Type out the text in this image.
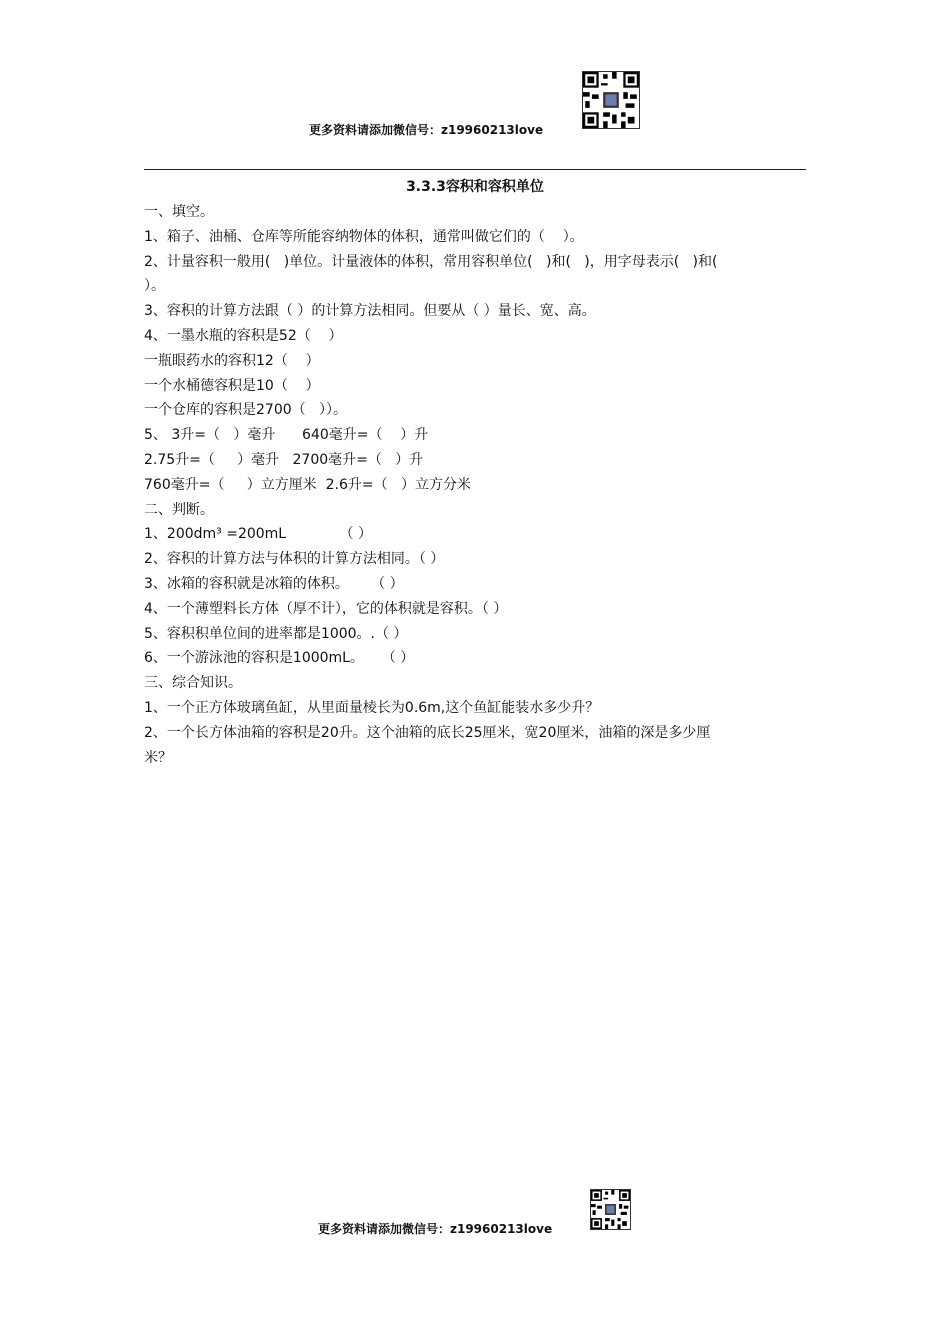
更多资料请添加微信号：z19960213love
3.3.3容积和容积单位
一、填空。
1、箱子、油桶、仓库等所能容纳物体的体积，通常叫做它们的（    ）。
2、计量容积一般用(   )单位。计量液体的体积，常用容积单位(   )和(   )，用字母表示(   )和(
）。
3、容积的计算方法跟（ ）的计算方法相同。但要从（ ）量长、宽、高。
4、一墨水瓶的容积是52（    ）
一瓶眼药水的容积12（    ）
一个水桶德容积是10（    ）
一个仓库的容积是2700（   ））。
5、 3升=（   ）毫升      640毫升=（    ）升
2.75升=（     ）毫升   2700毫升=（   ）升
760毫升=（     ）立方厘米  2.6升=（   ）立方分米
二、判断。
1、200dm³ =200mL            （ ）
2、容积的计算方法与体积的计算方法相同。（ ）
3、冰箱的容积就是冰箱的体积。     （ ）
4、一个薄塑料长方体（厚不计），它的体积就是容积。（ ）
5、容积积单位间的进率都是1000。.（ ）
6、一个游泳池的容积是1000mL。    （ ）
三、综合知识。
1、一个正方体玻璃鱼缸，从里面量棱长为0.6m,这个鱼缸能装水多少升？
2、一个长方体油箱的容积是20升。这个油箱的底长25厘米，宽20厘米，油箱的深是多少厘
米？
更多资料请添加微信号：z19960213love
